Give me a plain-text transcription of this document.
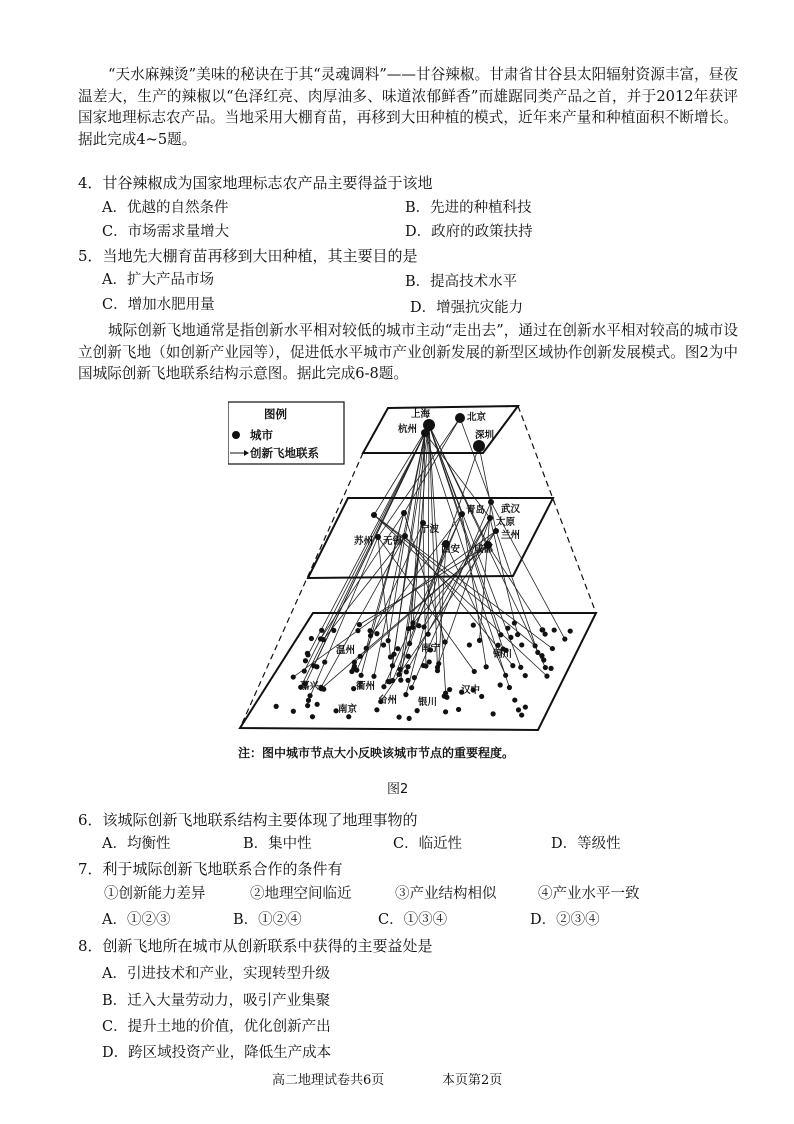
“天水麻辣烫”美味的秘诀在于其“灵魂调料”——甘谷辣椒。甘肃省甘谷县太阳辐射资源丰富，昼夜温差大，生产的辣椒以“色泽红亮、肉厚油多、味道浓郁鲜香”而雄踞同类产品之首，并于2012年获评国家地理标志农产品。当地采用大棚育苗，再移到大田种植的模式，近年来产量和种植面积不断增长。据此完成4~5题。
4．甘谷辣椒成为国家地理标志农产品主要得益于该地
A．优越的自然条件	B．先进的种植科技
C．市场需求量增大	D．政府的政策扶持
5．当地先大棚育苗再移到大田种植，其主要目的是
A．扩大产品市场	B．提高技术水平
C．增加水肥用量	D．增强抗灾能力
城际创新飞地通常是指创新水平相对较低的城市主动“走出去”，通过在创新水平相对较高的城市设立创新飞地（如创新产业园等），促进低水平城市产业创新发展的新型区域协作创新发展模式。图2为中国城际创新飞地联系结构示意图。据此完成6-8题。
图例
城市
创新飞地联系
上海	北京
杭州
深圳
苏州 无锡
宁波
西安
青岛 武汉
太原
兰州
成都
温州
嘉兴	衢州
南京
台州 银川
汉中
铜川
南宁
注：图中城市节点大小反映该城市节点的重要程度。
图2
6．该城际创新飞地联系结构主要体现了地理事物的
A．均衡性	B．集中性	C．临近性	D．等级性
7．利于城际创新飞地联系合作的条件有
①创新能力差异	②地理空间临近	③产业结构相似	④产业水平一致
A．①②③	B．①②④	C．①③④	D．②③④
8．创新飞地所在城市从创新联系中获得的主要益处是
A．引进技术和产业，实现转型升级
B．迁入大量劳动力，吸引产业集聚
C．提升土地的价值，优化创新产出
D．跨区域投资产业，降低生产成本
高二地理试卷共6页	本页第2页
